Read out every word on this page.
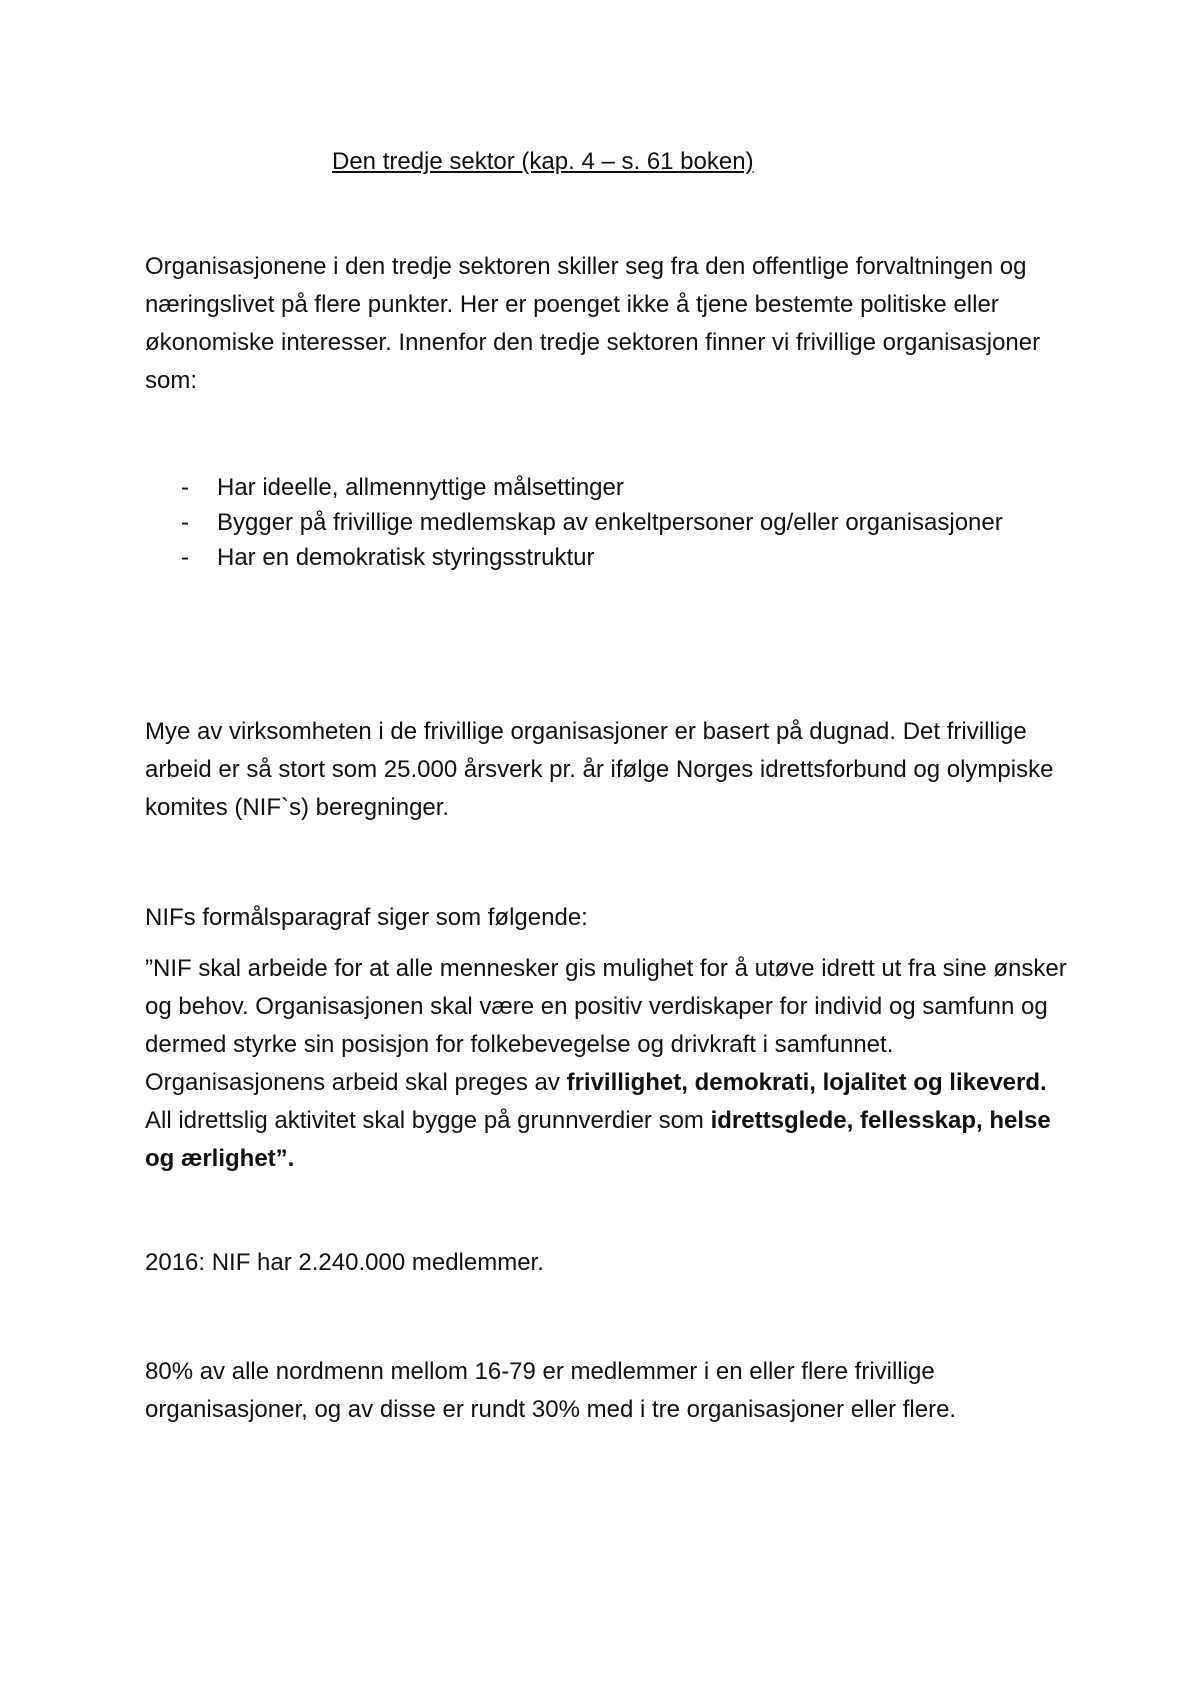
Den tredje sektor (kap. 4 – s. 61 boken)

Organisasjonene i den tredje sektoren skiller seg fra den offentlige forvaltningen og næringslivet på flere punkter. Her er poenget ikke å tjene bestemte politiske eller økonomiske interesser. Innenfor den tredje sektoren finner vi frivillige organisasjoner som:

- Har ideelle, allmennyttige målsettinger
- Bygger på frivillige medlemskap av enkeltpersoner og/eller organisasjoner
- Har en demokratisk styringsstruktur

Mye av virksomheten i de frivillige organisasjoner er basert på dugnad. Det frivillige arbeid er så stort som 25.000 årsverk pr. år ifølge Norges idrettsforbund og olympiske komites (NIF`s) beregninger.

NIFs formålsparagraf siger som følgende:

”NIF skal arbeide for at alle mennesker gis mulighet for å utøve idrett ut fra sine ønsker og behov. Organisasjonen skal være en positiv verdiskaper for individ og samfunn og dermed styrke sin posisjon for folkebevegelse og drivkraft i samfunnet. Organisasjonens arbeid skal preges av frivillighet, demokrati, lojalitet og likeverd. All idrettslig aktivitet skal bygge på grunnverdier som idrettsglede, fellesskap, helse og ærlighet”.

2016: NIF har 2.240.000 medlemmer.

80% av alle nordmenn mellom 16-79 er medlemmer i en eller flere frivillige organisasjoner, og av disse er rundt 30% med i tre organisasjoner eller flere.
